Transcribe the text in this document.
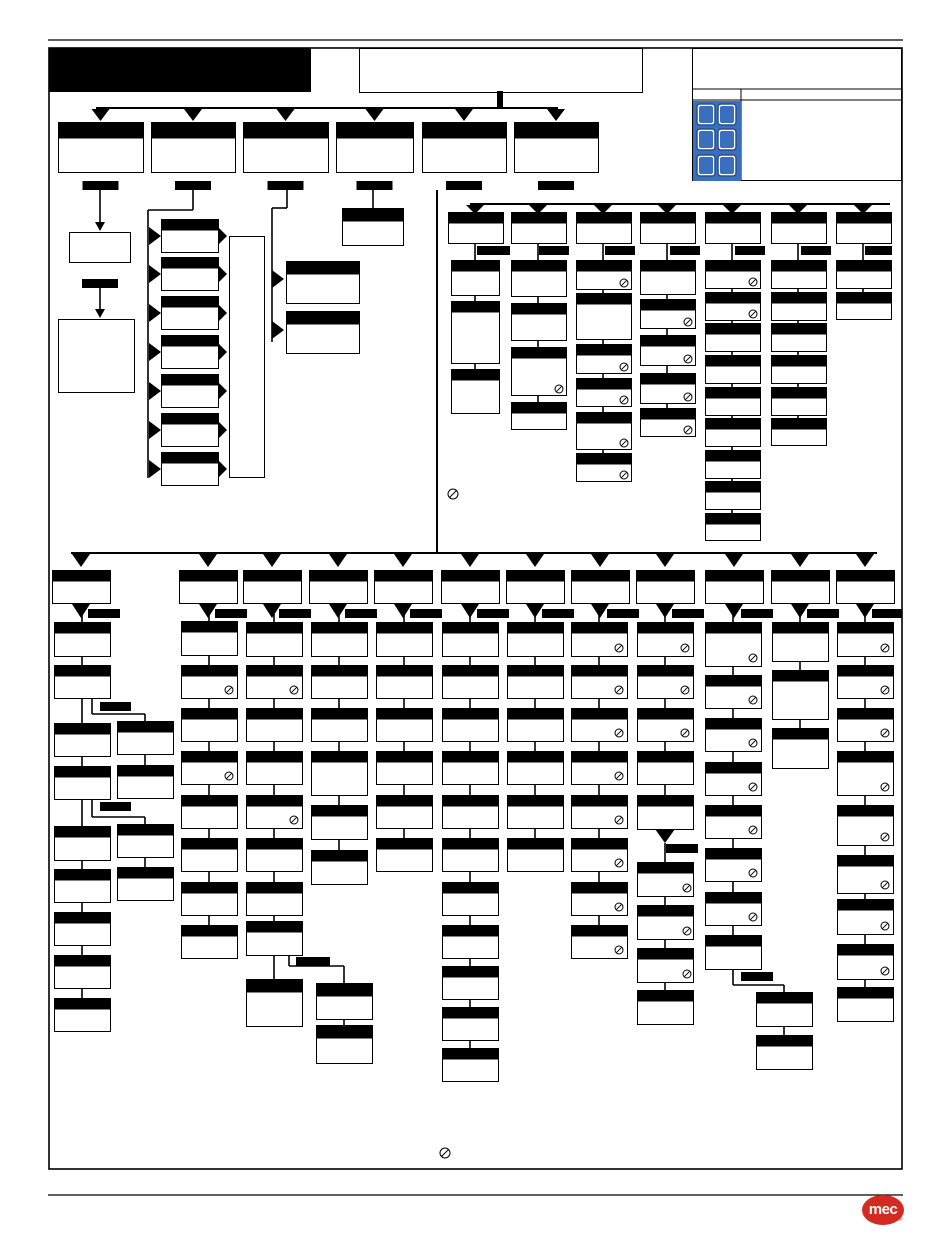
mec
®
